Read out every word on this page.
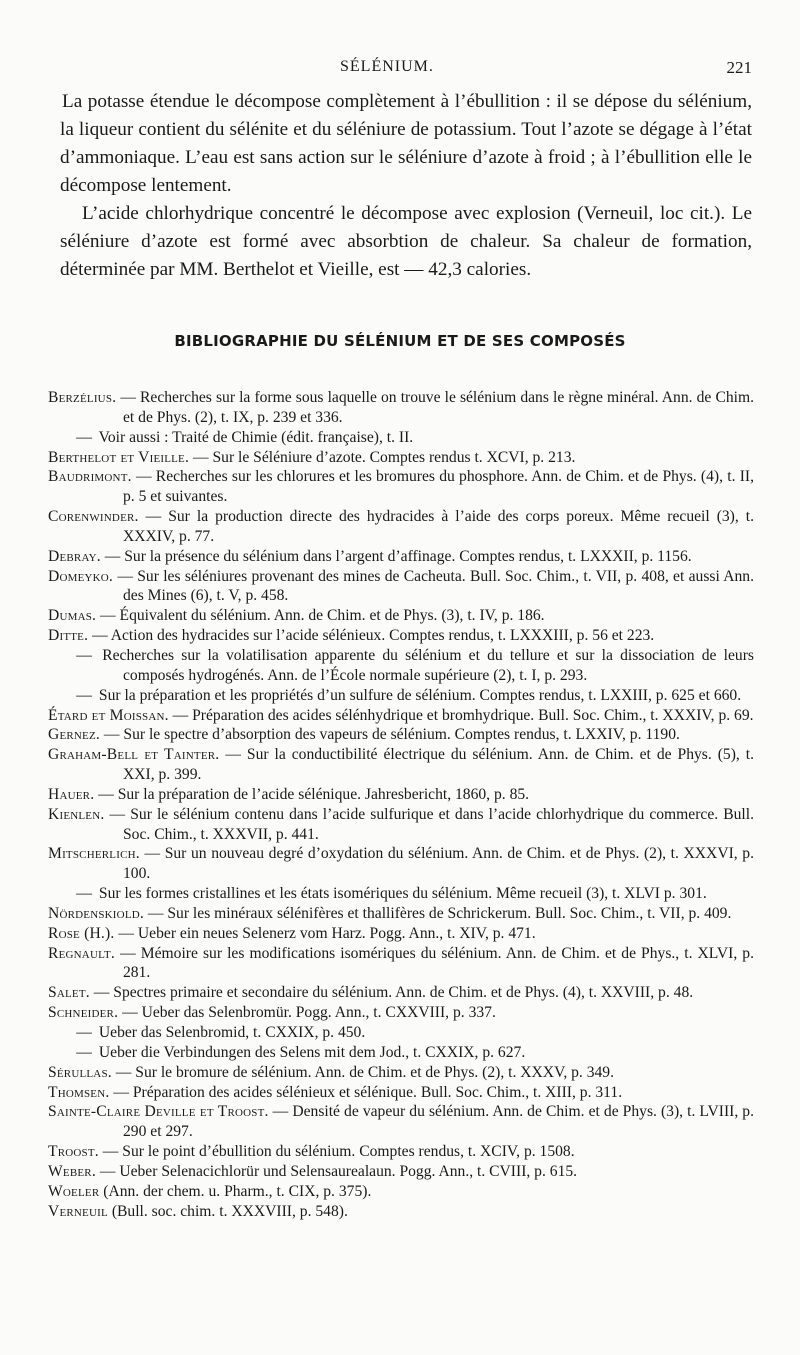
SÉLÉNIUM.	221

La potasse étendue le décompose complètement à l’ébullition : il se dépose du sélénium, la liqueur contient du sélénite et du séléniure de potassium. Tout l’azote se dégage à l’état d’ammoniaque. L’eau est sans action sur le séléniure d’azote à froid ; à l’ébullition elle le décompose lentement.

L’acide chlorhydrique concentré le décompose avec explosion (Verneuil, loc cit.). Le séléniure d’azote est formé avec absorbtion de chaleur. Sa chaleur de formation, déterminée par MM. Berthelot et Vieille, est — 42,3 calories.

BIBLIOGRAPHIE DU SÉLÉNIUM ET DE SES COMPOSÉS

Berzélius. — Recherches sur la forme sous laquelle on trouve le sélénium dans le règne minéral. Ann. de Chim. et de Phys. (2), t. IX, p. 239 et 336.

— Voir aussi : Traité de Chimie (édit. française), t. II.

Berthelot et Vieille. — Sur le Séléniure d’azote. Comptes rendus t. XCVI, p. 213.

Baudrimont. — Recherches sur les chlorures et les bromures du phosphore. Ann. de Chim. et de Phys. (4), t. II, p. 5 et suivantes.

Corenwinder. — Sur la production directe des hydracides à l’aide des corps poreux. Même recueil (3), t. XXXIV, p. 77.

Debray. — Sur la présence du sélénium dans l’argent d’affinage. Comptes rendus, t. LXXXII, p. 1156.

Domeyko. — Sur les séléniures provenant des mines de Cacheuta. Bull. Soc. Chim., t. VII, p. 408, et aussi Ann. des Mines (6), t. V, p. 458.

Dumas. — Équivalent du sélénium. Ann. de Chim. et de Phys. (3), t. IV, p. 186.

Ditte. — Action des hydracides sur l’acide sélénieux. Comptes rendus, t. LXXXIII, p. 56 et 223.

— Recherches sur la volatilisation apparente du sélénium et du tellure et sur la dissociation de leurs composés hydrogénés. Ann. de l’École normale supérieure (2), t. I, p. 293.

— Sur la préparation et les propriétés d’un sulfure de sélénium. Comptes rendus, t. LXXIII, p. 625 et 660.

Étard et Moissan. — Préparation des acides sélénhydrique et bromhydrique. Bull. Soc. Chim., t. XXXIV, p. 69.

Gernez. — Sur le spectre d’absorption des vapeurs de sélénium. Comptes rendus, t. LXXIV, p. 1190.

Graham-Bell et Tainter. — Sur la conductibilité électrique du sélénium. Ann. de Chim. et de Phys. (5), t. XXI, p. 399.

Hauer. — Sur la préparation de l’acide sélénique. Jahresbericht, 1860, p. 85.

Kienlen. — Sur le sélénium contenu dans l’acide sulfurique et dans l’acide chlorhydrique du commerce. Bull. Soc. Chim., t. XXXVII, p. 441.

Mitscherlich. — Sur un nouveau degré d’oxydation du sélénium. Ann. de Chim. et de Phys. (2), t. XXXVI, p. 100.

— Sur les formes cristallines et les états isomériques du sélénium. Même recueil (3), t. XLVI p. 301.

Nördenskiold. — Sur les minéraux sélénifères et thallifères de Schrickerum. Bull. Soc. Chim., t. VII, p. 409.

Rose (H.). — Ueber ein neues Selenerz vom Harz. Pogg. Ann., t. XIV, p. 471.

Regnault. — Mémoire sur les modifications isomériques du sélénium. Ann. de Chim. et de Phys., t. XLVI, p. 281.

Salet. — Spectres primaire et secondaire du sélénium. Ann. de Chim. et de Phys. (4), t. XXVIII, p. 48.

Schneider. — Ueber das Selenbromür. Pogg. Ann., t. CXXVIII, p. 337.

— Ueber das Selenbromid, t. CXXIX, p. 450.

— Ueber die Verbindungen des Selens mit dem Jod., t. CXXIX, p. 627.

Sérullas. — Sur le bromure de sélénium. Ann. de Chim. et de Phys. (2), t. XXXV, p. 349.

Thomsen. — Préparation des acides sélénieux et sélénique. Bull. Soc. Chim., t. XIII, p. 311.

Sainte-Claire Deville et Troost. — Densité de vapeur du sélénium. Ann. de Chim. et de Phys. (3), t. LVIII, p. 290 et 297.

Troost. — Sur le point d’ébullition du sélénium. Comptes rendus, t. XCIV, p. 1508.

Weber. — Ueber Selenacichlorür und Selensaurealaun. Pogg. Ann., t. CVIII, p. 615.

Woeler (Ann. der chem. u. Pharm., t. CIX, p. 375).

Verneuil (Bull. soc. chim. t. XXXVIII, p. 548).
